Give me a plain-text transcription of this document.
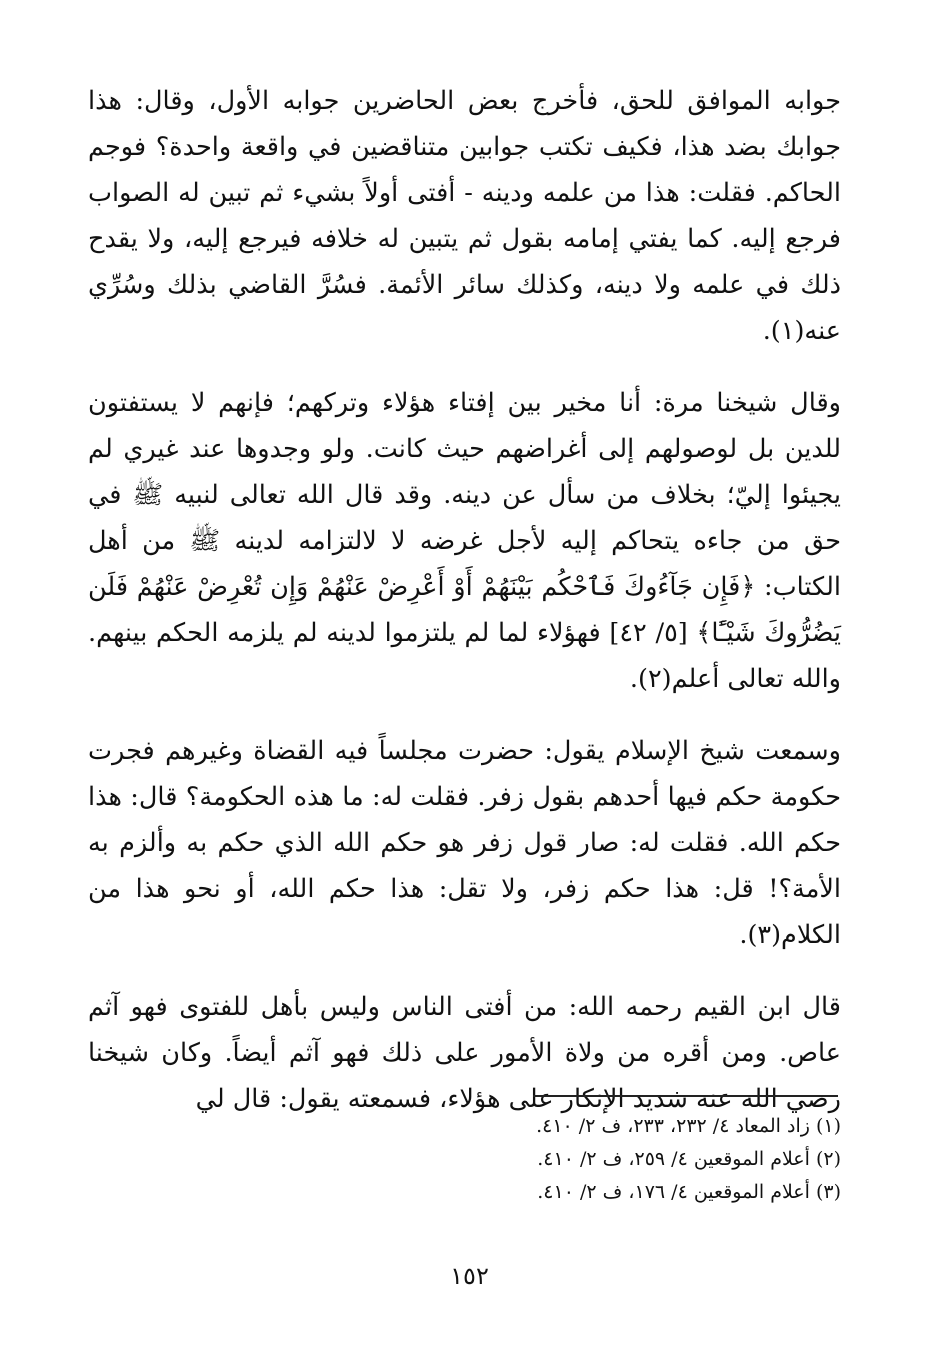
جوابه الموافق للحق، فأخرج بعض الحاضرين جوابه الأول، وقال: هذا جوابك بضد هذا، فكيف تكتب جوابين متناقضين في واقعة واحدة؟ فوجم الحاكم. فقلت: هذا من علمه ودينه - أفتى أولاً بشيء ثم تبين له الصواب فرجع إليه. كما يفتي إمامه بقول ثم يتبين له خلافه فيرجع إليه، ولا يقدح ذلك في علمه ولا دينه، وكذلك سائر الأئمة. فسُرَّ القاضي بذلك وسُرِّي عنه(١).

وقال شيخنا مرة: أنا مخير بين إفتاء هؤلاء وتركهم؛ فإنهم لا يستفتون للدين بل لوصولهم إلى أغراضهم حيث كانت. ولو وجدوها عند غيري لم يجيئوا إليّ؛ بخلاف من سأل عن دينه. وقد قال الله تعالى لنبيه ﷺ في حق من جاءه يتحاكم إليه لأجل غرضه لا لالتزامه لدينه ﷺ من أهل الكتاب: ﴿فَإِن جَآءُوكَ فَٱحْكُم بَيْنَهُمْ أَوْ أَعْرِضْ عَنْهُمْ وَإِن تُعْرِضْ عَنْهُمْ فَلَن يَضُرُّوكَ شَيْـًٔا﴾ [٥/ ٤٢] فهؤلاء لما لم يلتزموا لدينه لم يلزمه الحكم بينهم. والله تعالى أعلم(٢).

وسمعت شيخ الإسلام يقول: حضرت مجلساً فيه القضاة وغيرهم فجرت حكومة حكم فيها أحدهم بقول زفر. فقلت له: ما هذه الحكومة؟ قال: هذا حكم الله. فقلت له: صار قول زفر هو حكم الله الذي حكم به وألزم به الأمة؟! قل: هذا حكم زفر، ولا تقل: هذا حكم الله، أو نحو هذا من الكلام(٣).

قال ابن القيم رحمه الله: من أفتى الناس وليس بأهل للفتوى فهو آثم عاص. ومن أقره من ولاة الأمور على ذلك فهو آثم أيضاً. وكان شيخنا رضي الله عنه شديد الإنكار على هؤلاء، فسمعته يقول: قال لي

(١) زاد المعاد ٤/ ٢٣٢، ٢٣٣، ف ٢/ ٤١٠.
(٢) أعلام الموقعين ٤/ ٢٥٩، ف ٢/ ٤١٠.
(٣) أعلام الموقعين ٤/ ١٧٦، ف ٢/ ٤١٠.
١٥٢
